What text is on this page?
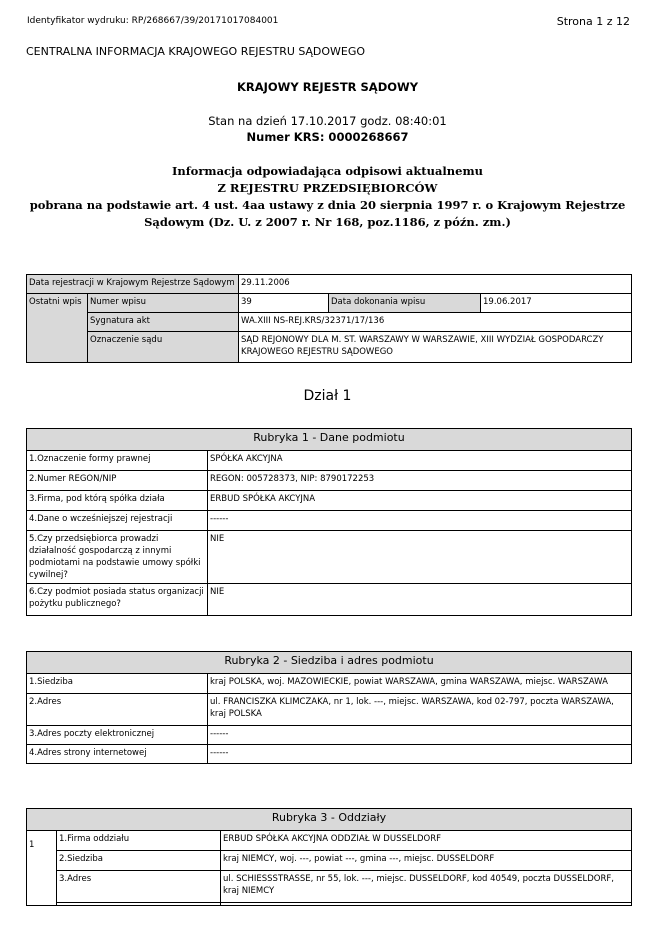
Identyfikator wydruku: RP/268667/39/20171017084001	Strona 1 z 12
CENTRALNA INFORMACJA KRAJOWEGO REJESTRU SĄDOWEGO
KRAJOWY REJESTR SĄDOWY
Stan na dzień 17.10.2017 godz. 08:40:01
Numer KRS: 0000268667
Informacja odpowiadająca odpisowi aktualnemu
Z REJESTRU PRZEDSIĘBIORCÓW
pobrana na podstawie art. 4 ust. 4aa ustawy z dnia 20 sierpnia 1997 r. o Krajowym Rejestrze
Sądowym (Dz. U. z 2007 r. Nr 168, poz.1186, z późn. zm.)
Data rejestracji w Krajowym Rejestrze Sądowym		29.11.2006		
Ostatni wpis	Numer wpisu	39	Data dokonania wpisu	19.06.2017
	Sygnatura akt	WA.XIII NS-REJ.KRS/32371/17/136		
	Oznaczenie sądu	SĄD REJONOWY DLA M. ST. WARSZAWY W WARSZAWIE, XIII WYDZIAŁ GOSPODARCZY KRAJOWEGO REJESTRU SĄDOWEGO		
Dział 1
Rubryka 1 - Dane podmiotu	
1.Oznaczenie formy prawnej	SPÓŁKA AKCYJNA
2.Numer REGON/NIP	REGON: 005728373, NIP: 8790172253
3.Firma, pod którą spółka działa	ERBUD SPÓŁKA AKCYJNA
4.Dane o wcześniejszej rejestracji	------
5.Czy przedsiębiorca prowadzi działalność gospodarczą z innymi podmiotami na podstawie umowy spółki cywilnej?	NIE
6.Czy podmiot posiada status organizacji pożytku publicznego?	NIE
Rubryka 2 - Siedziba i adres podmiotu	
1.Siedziba	kraj POLSKA, woj. MAZOWIECKIE, powiat WARSZAWA, gmina WARSZAWA, miejsc. WARSZAWA
2.Adres	ul. FRANCISZKA KLIMCZAKA, nr 1, lok. ---, miejsc. WARSZAWA, kod 02-797, poczta WARSZAWA, kraj POLSKA
3.Adres poczty elektronicznej	------
4.Adres strony internetowej	------
Rubryka 3 - Oddziały		
1	1.Firma oddziału	ERBUD SPÓŁKA AKCYJNA ODDZIAŁ W DUSSELDORF
	2.Siedziba	kraj NIEMCY, woj. ---, powiat ---, gmina ---, miejsc. DUSSELDORF
	3.Adres	ul. SCHIESSSTRASSE, nr 55, lok. ---, miejsc. DUSSELDORF, kod 40549, poczta DUSSELDORF, kraj NIEMCY
